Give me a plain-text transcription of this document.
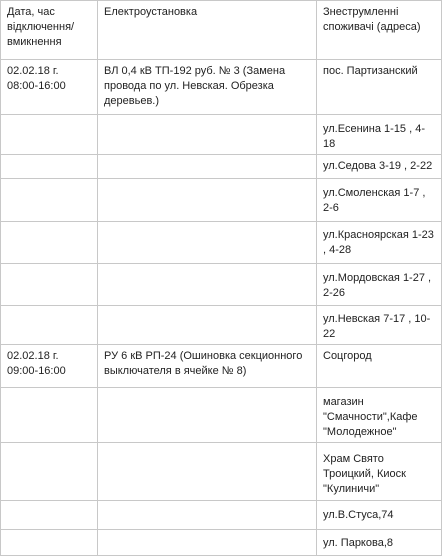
Дата, час відключення/ вмикнення	Електроустановка	Знеструмленні споживачі (адреса)
02.02.18 г. 08:00-16:00	ВЛ 0,4 кВ ТП-192 руб. № 3 (Замена провода по ул. Невская. Обрезка деревьев.)	пос. Партизанский
		ул.Есенина 1-15 , 4-18
		ул.Седова 3-19 , 2-22
		ул.Смоленская 1-7 , 2-6
		ул.Красноярская 1-23 , 4-28
		ул.Мордовская 1-27 , 2-26
		ул.Невская 7-17 , 10-22
02.02.18 г. 09:00-16:00	РУ 6 кВ РП-24 (Ошиновка секционного выключателя в ячейке № 8)	Соцгород
		магазин "Смачности",Кафе "Молодежное"
		Храм Свято Троицкий, Киоск "Кулиничи"
		ул.В.Стуса,74
		ул. Паркова,8
